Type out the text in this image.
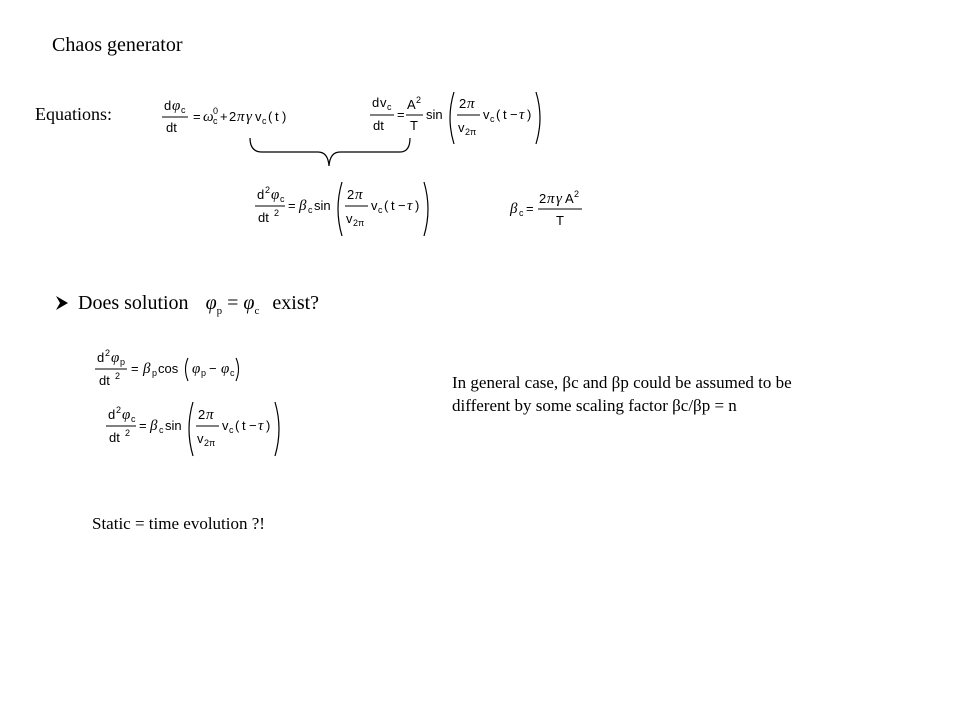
Chaos generator
Equations:	d φ c
dt
= ω c
0 + 2 π γ v c ( t )
d v c
dt
=
A 2
T
sin
2 π
v 2π
v c ( t − τ )
d 2 φ c
dt 2 = β c sin
2 π
v 2π
v c ( t − τ )	β c =
2 π γ A 2
T
Does solution $\varphi_p = \varphi_c$ exist?
d 2 φ p
dt 2 = β p cos φ p − φ c
d 2 φ c
dt 2 = β c sin
2 π
v 2π
v c ( t − τ )
In general case, βc and βp could be assumed to be
different by some scaling factor βc/βp = n
Static = time evolution ?!
